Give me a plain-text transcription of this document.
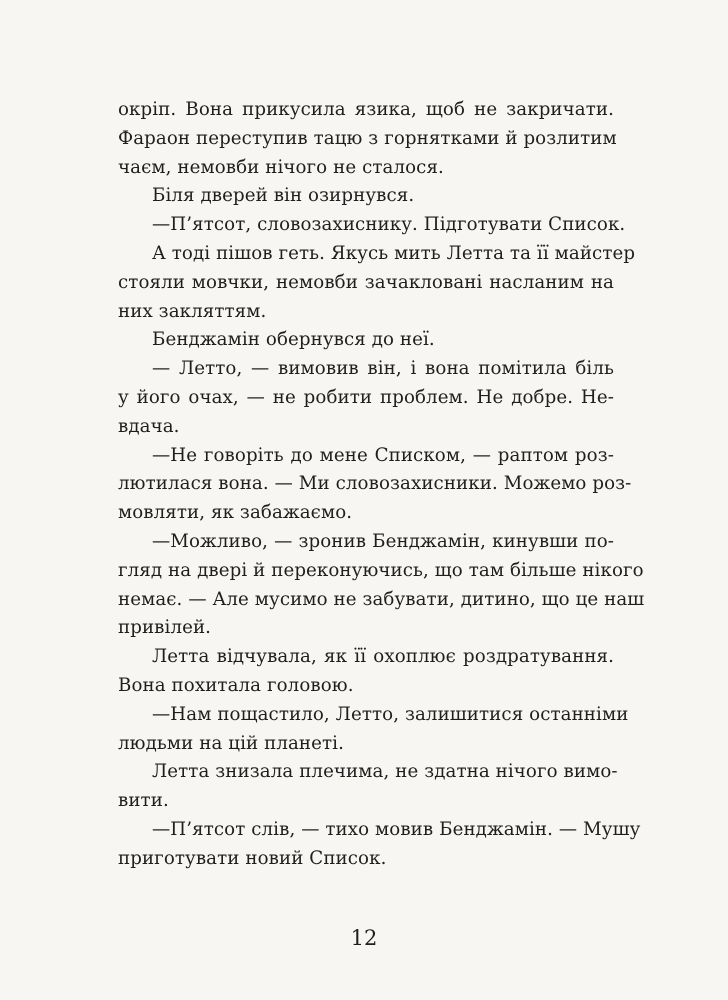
окріп. Вона прикусила язика, щоб не закричати.
Фараон переступив тацю з горнятками й розлитим
чаєм, немовби нічого не сталося.
Біля дверей він озирнувся.
—П’ятсот, словозахиснику. Підготувати Список.
А тоді пішов геть. Якусь мить Летта та її майстер
стояли мовчки, немовби зачакловані насланим на
них закляттям.
Бенджамін обернувся до неї.
— Летто, — вимовив він, і вона помітила біль
у його очах, — не робити проблем. Не добре. Не-
вдача.
—Не говоріть до мене Списком, — раптом роз-
лютилася вона. — Ми словозахисники. Можемо роз-
мовляти, як забажаємо.
—Можливо, — зронив Бенджамін, кинувши по-
гляд на двері й переконуючись, що там більше нікого
немає. — Але мусимо не забувати, дитино, що це наш
привілей.
Летта відчувала, як її охоплює роздратування.
Вона похитала головою.
—Нам пощастило, Летто, залишитися останніми
людьми на цій планеті.
Летта знизала плечима, не здатна нічого вимо-
вити.
—П’ятсот слів, — тихо мовив Бенджамін. — Мушу
приготувати новий Список.
12
